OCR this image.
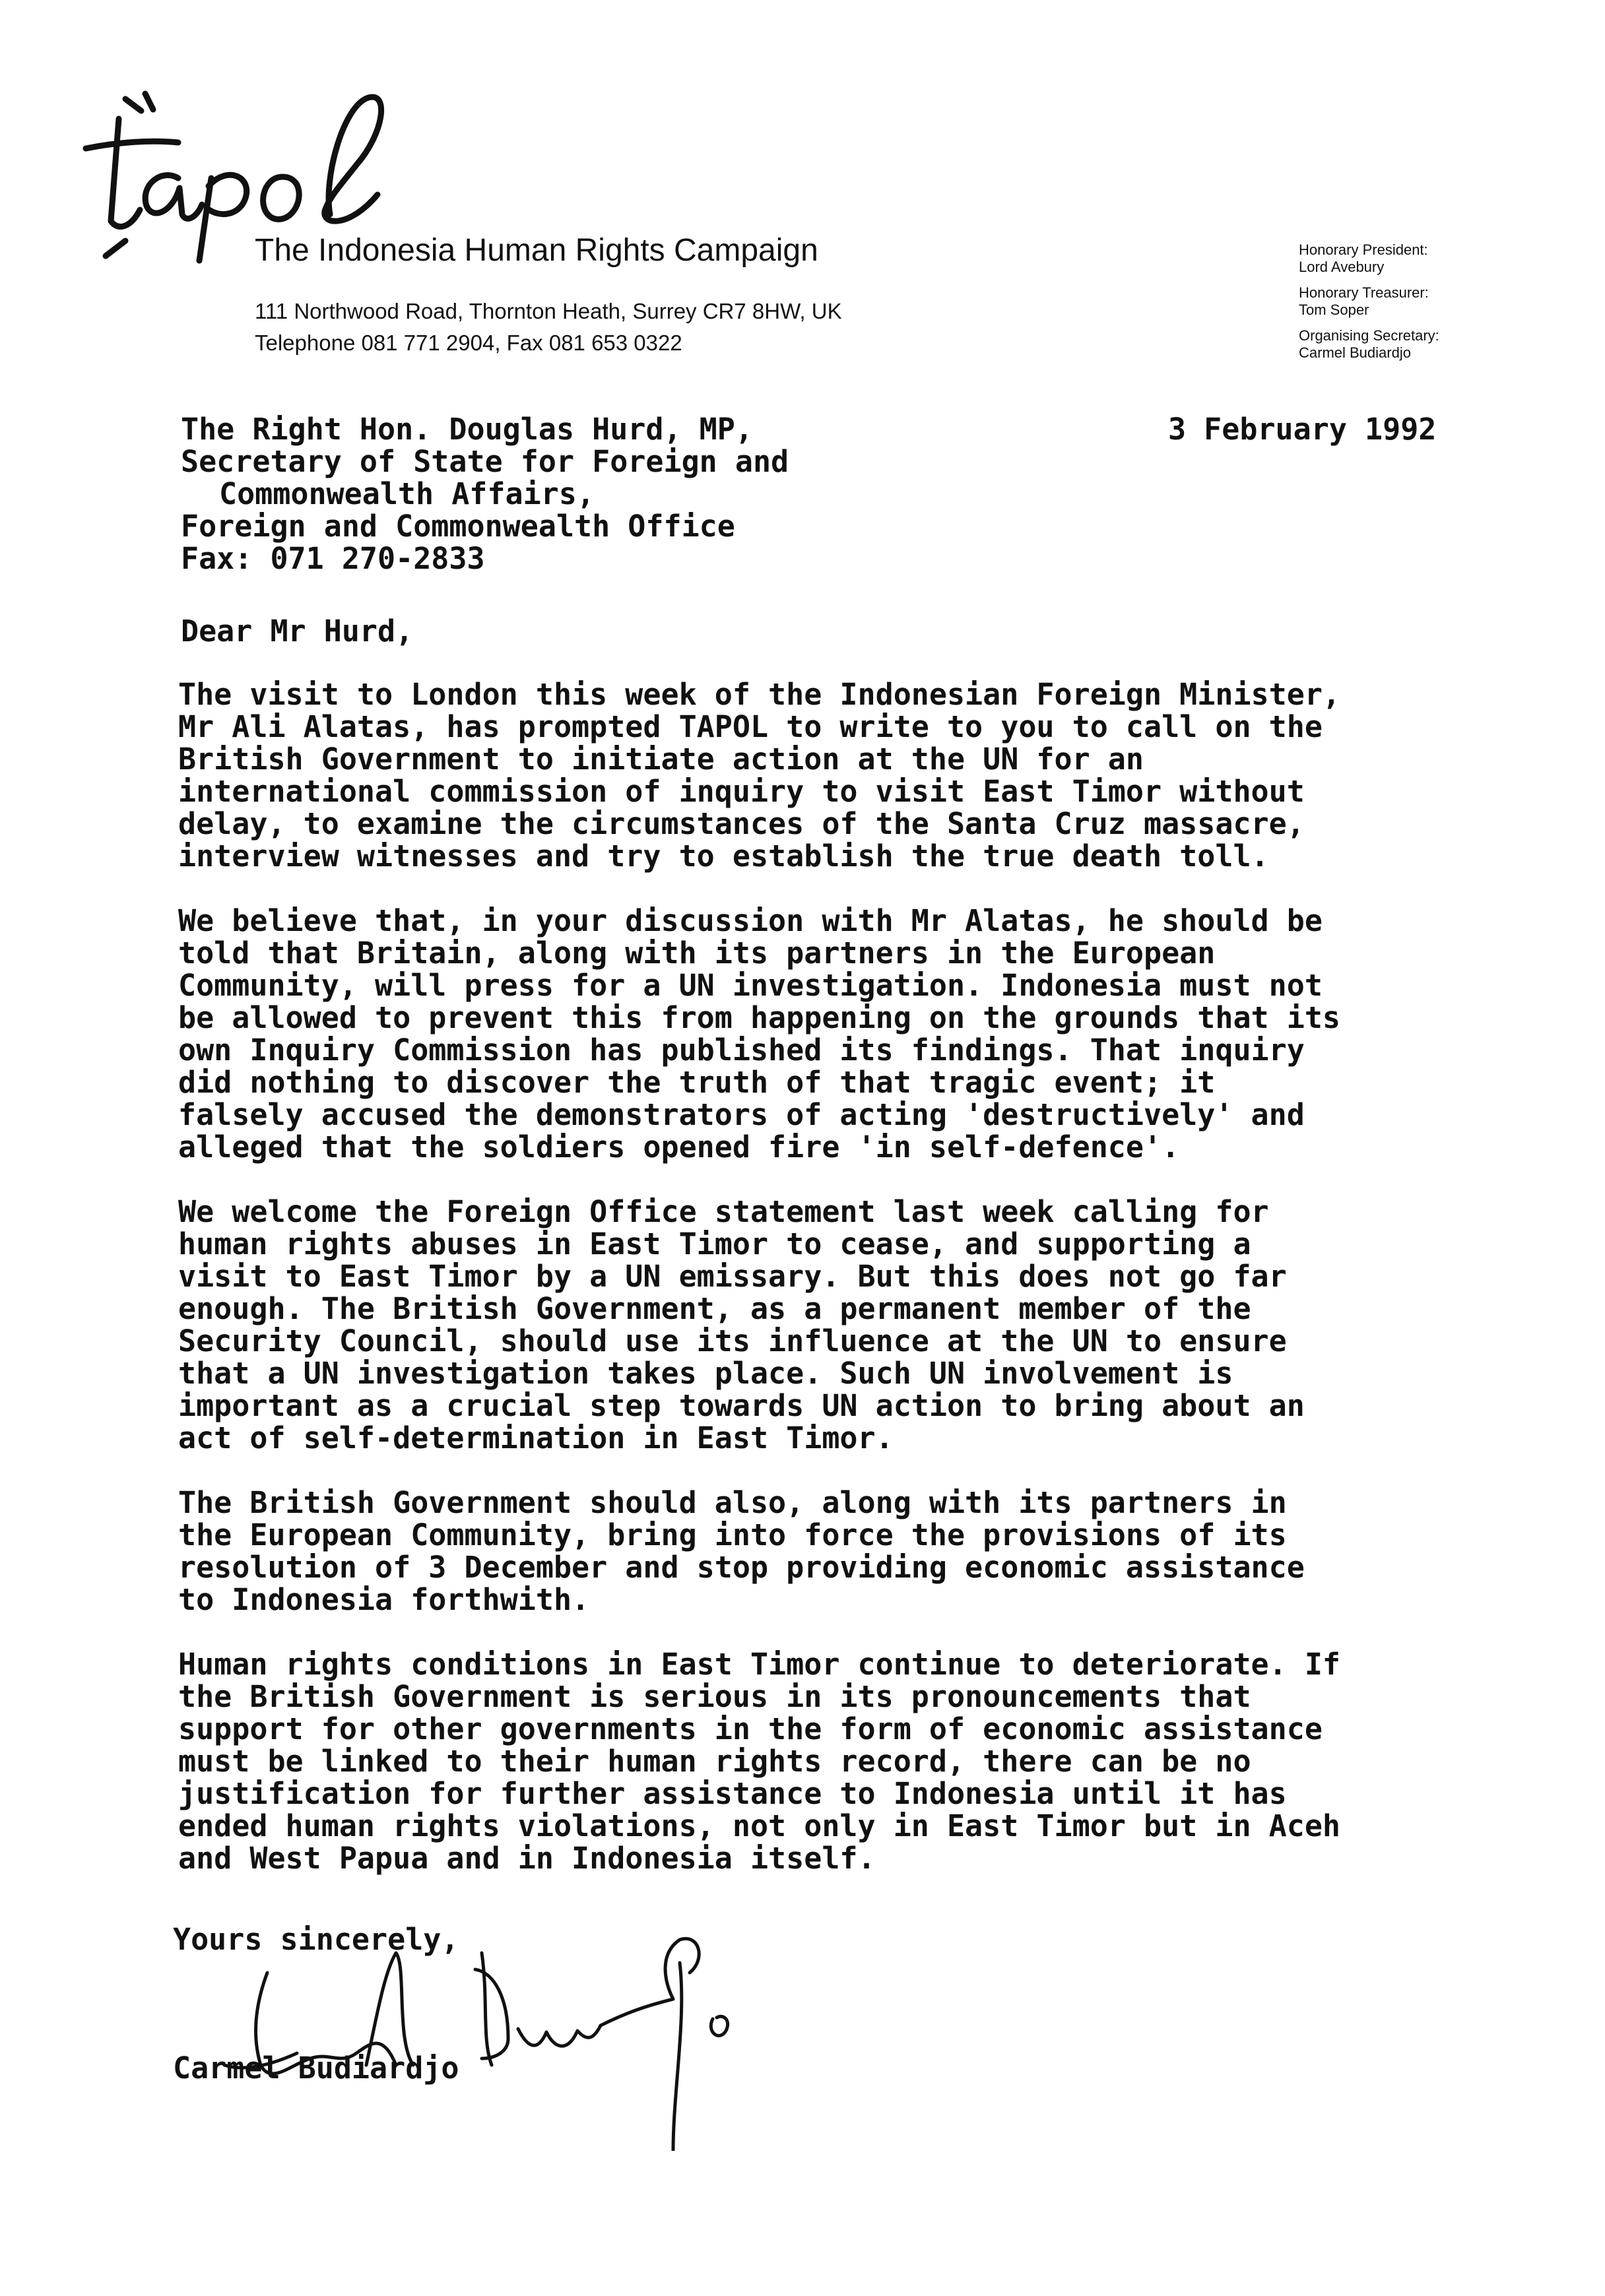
The Indonesia Human Rights Campaign
111 Northwood Road, Thornton Heath, Surrey CR7 8HW, UK
Telephone 081 771 2904, Fax 081 653 0322
Honorary President:
Lord Avebury
Honorary Treasurer:
Tom Soper
Organising Secretary:
Carmel Budiardjo
The Right Hon. Douglas Hurd, MP,
Secretary of State for Foreign and
Commonwealth Affairs,
Foreign and Commonwealth Office
Fax: 071 270-2833
3 February 1992
Dear Mr Hurd,
The visit to London this week of the Indonesian Foreign Minister,
Mr Ali Alatas, has prompted TAPOL to write to you to call on the
British Government to initiate action at the UN for an
international commission of inquiry to visit East Timor without
delay, to examine the circumstances of the Santa Cruz massacre,
interview witnesses and try to establish the true death toll.
We believe that, in your discussion with Mr Alatas, he should be
told that Britain, along with its partners in the European
Community, will press for a UN investigation. Indonesia must not
be allowed to prevent this from happening on the grounds that its
own Inquiry Commission has published its findings. That inquiry
did nothing to discover the truth of that tragic event; it
falsely accused the demonstrators of acting 'destructively' and
alleged that the soldiers opened fire 'in self-defence'.
We welcome the Foreign Office statement last week calling for
human rights abuses in East Timor to cease, and supporting a
visit to East Timor by a UN emissary. But this does not go far
enough. The British Government, as a permanent member of the
Security Council, should use its influence at the UN to ensure
that a UN investigation takes place. Such UN involvement is
important as a crucial step towards UN action to bring about an
act of self-determination in East Timor.
The British Government should also, along with its partners in
the European Community, bring into force the provisions of its
resolution of 3 December and stop providing economic assistance
to Indonesia forthwith.
Human rights conditions in East Timor continue to deteriorate. If
the British Government is serious in its pronouncements that
support for other governments in the form of economic assistance
must be linked to their human rights record, there can be no
justification for further assistance to Indonesia until it has
ended human rights violations, not only in East Timor but in Aceh
and West Papua and in Indonesia itself.
Yours sincerely,
Carmel Budiardjo
